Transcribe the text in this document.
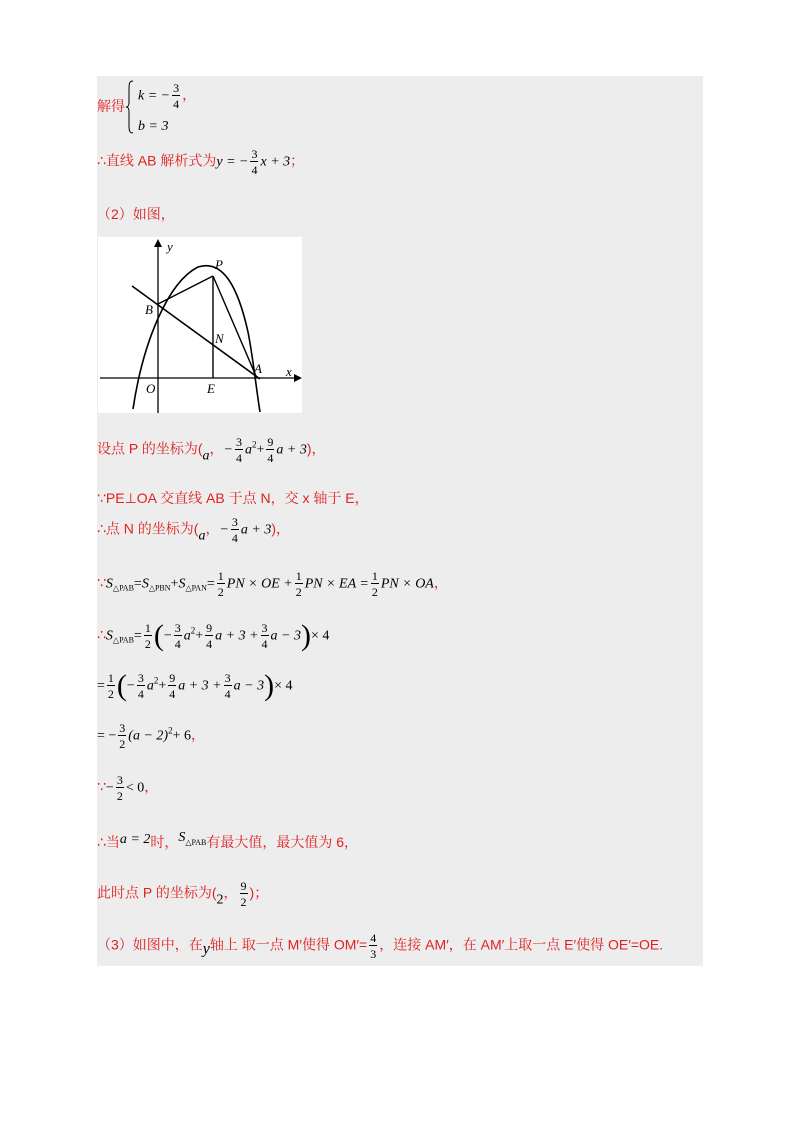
解得
k = − $\frac{3}{4}$ ，
b = 3
∴直线 AB 解析式为y = − $\frac{3}{4}$ x + 3；
（2）如图，
y
x
P
B
N
A
O	E
设点 P 的坐标为(a，− $\frac{3}{4} a^2+ \frac{9}{4}$ a + 3)，
∵PE⊥OA 交直线 AB 于点 N，交 x 轴于 E，
∴点 N 的坐标为(a，− $\frac{3}{4}$ a + 3)，
$\because S_{\triangle PAB}=S_{\triangle PBN}+S_{\triangle PAN}= \frac{1}{2}$ PN × OE + $\frac{1}{2}$ PN × EA = $\frac{1}{2}$ PN × OA，
$\therefore S_{\triangle PAB}= \frac{1}{2}$ (− $\frac{3}{4} a^2+ \frac{9}{4}$ $a + 3 + \frac{3}{4}$ a − 3)× 4
= $\frac{1}{2}$ (− $\frac{3}{4} a^2+ \frac{9}{4}$ $a + 3 + \frac{3}{4}$ a − 3)× 4
= − $\frac{3}{2} (a - 2)^2+ 6$，
∵− $\frac{3}{2} < 0$，
∴当a = 2时，$S^{\triangle PAB}$有最大值，最大值为 6，
此时点 P 的坐标为(2， $\frac{9}{2}$ )；
（3）如图中，在y轴上 取一点 M′使得 $OM'= \frac{4}{3}$ ，连接 AM′，在 AM′上取一点 E′使得 OE′=OE.
